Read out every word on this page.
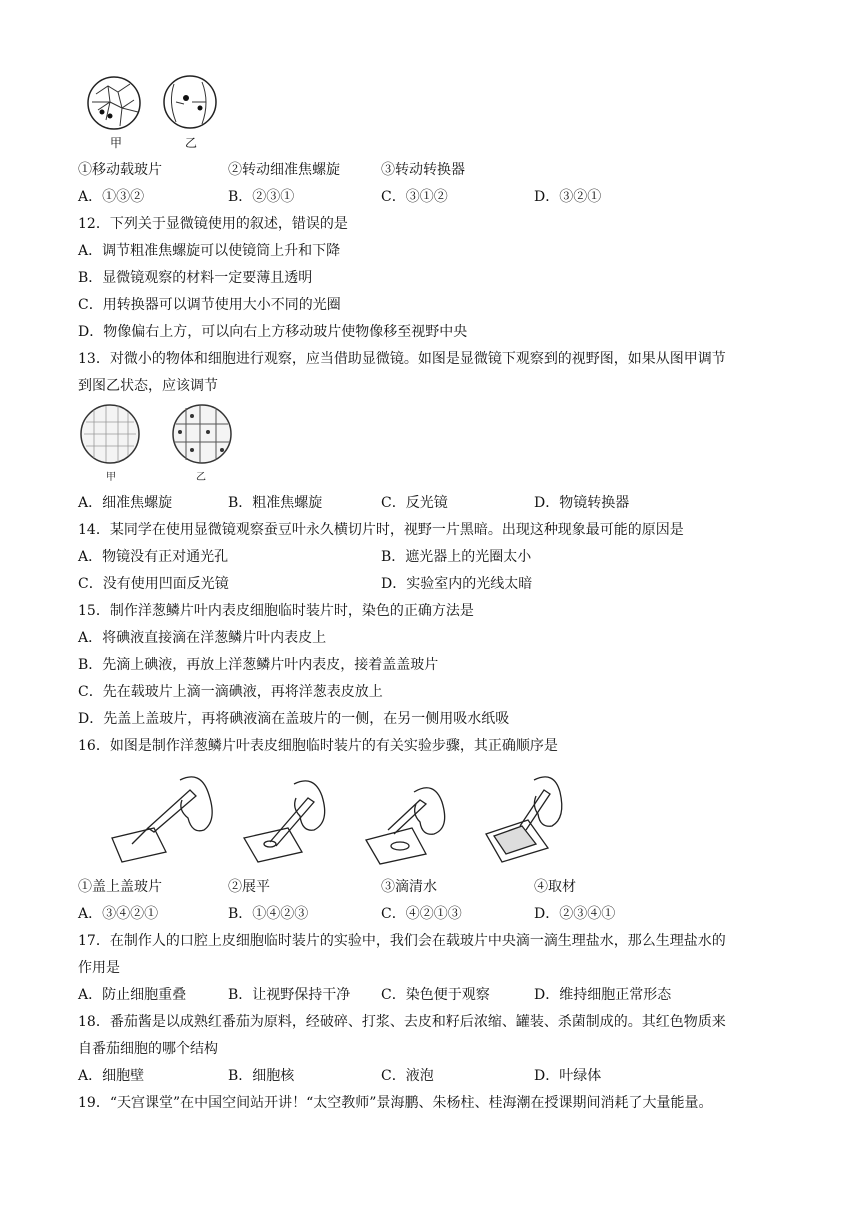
甲	乙
①移动载玻片	②转动细准焦螺旋	③转动转换器
A．①③②	B．②③①	C．③①②	D．③②①
12．下列关于显微镜使用的叙述，错误的是
A．调节粗准焦螺旋可以使镜筒上升和下降
B．显微镜观察的材料一定要薄且透明
C．用转换器可以调节使用大小不同的光圈
D．物像偏右上方，可以向右上方移动玻片使物像移至视野中央
13．对微小的物体和细胞进行观察，应当借助显微镜。如图是显微镜下观察到的视野图，如果从图甲调节
到图乙状态，应该调节
甲	乙
A．细准焦螺旋	B．粗准焦螺旋	C．反光镜	D．物镜转换器
14．某同学在使用显微镜观察蚕豆叶永久横切片时，视野一片黑暗。出现这种现象最可能的原因是
A．物镜没有正对通光孔	B．遮光器上的光圈太小
C．没有使用凹面反光镜	D．实验室内的光线太暗
15．制作洋葱鳞片叶内表皮细胞临时装片时，染色的正确方法是
A．将碘液直接滴在洋葱鳞片叶内表皮上
B．先滴上碘液，再放上洋葱鳞片叶内表皮，接着盖盖玻片
C．先在载玻片上滴一滴碘液，再将洋葱表皮放上
D．先盖上盖玻片，再将碘液滴在盖玻片的一侧，在另一侧用吸水纸吸
16．如图是制作洋葱鳞片叶表皮细胞临时装片的有关实验步骤，其正确顺序是
①盖上盖玻片	②展平	③滴清水	④取材
A．③④②①	B．①④②③	C．④②①③	D．②③④①
17．在制作人的口腔上皮细胞临时装片的实验中，我们会在载玻片中央滴一滴生理盐水，那么生理盐水的
作用是
A．防止细胞重叠	B．让视野保持干净 C．染色便于观察	D．维持细胞正常形态
18．番茄酱是以成熟红番茄为原料，经破碎、打浆、去皮和籽后浓缩、罐装、杀菌制成的。其红色物质来
自番茄细胞的哪个结构
A．细胞壁	B．细胞核	C．液泡	D．叶绿体
19．“天宫课堂”在中国空间站开讲！“太空教师”景海鹏、朱杨柱、桂海潮在授课期间消耗了大量能量。
